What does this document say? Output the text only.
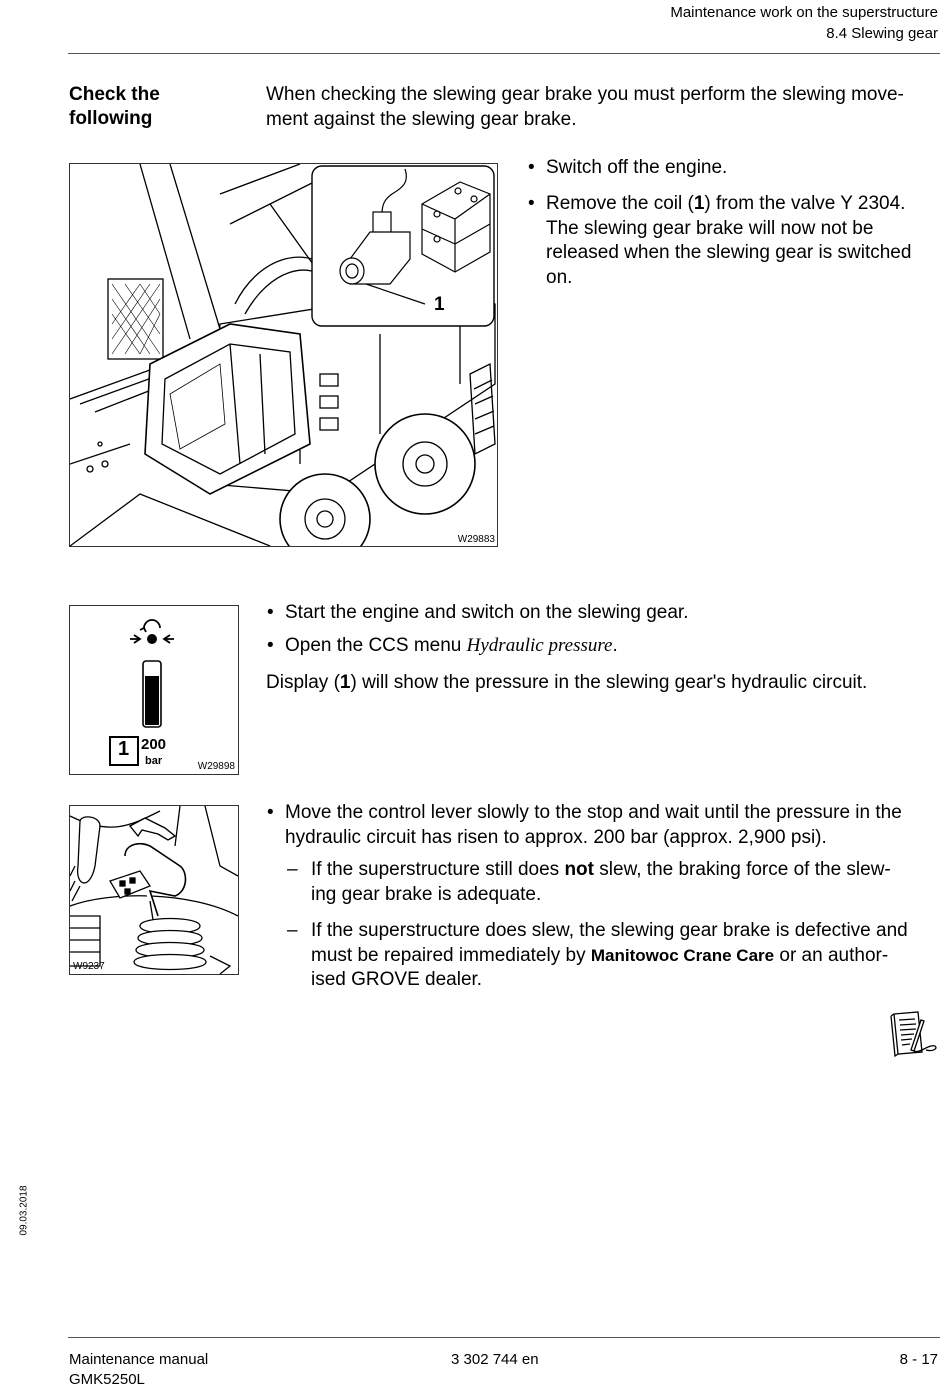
Maintenance work on the superstructure
8.4 Slewing gear
Check the
following
When checking the slewing gear brake you must perform the slewing move-
ment against the slewing gear brake.
1
W29883
• Switch off the engine.
• Remove the coil (1) from the valve Y 2304.
The slewing gear brake will now not be
released when the slewing gear is switched
on.
1 200
bar	W29898
• Start the engine and switch on the slewing gear.
• Open the CCS menu Hydraulic pressure.
Display (1) will show the pressure in the slewing gear's hydraulic circuit.
W9237
• Move the control lever slowly to the stop and wait until the pressure in the
hydraulic circuit has risen to approx. 200 bar (approx. 2,900 psi).
– If the superstructure still does not slew, the braking force of the slew-
ing gear brake is adequate.
– If the superstructure does slew, the slewing gear brake is defective and
must be repaired immediately by Manitowoc Crane Care or an author-
ised GROVE dealer.
09.03.2018
Maintenance manual
GMK5250L
3 302 744 en	8 - 17
